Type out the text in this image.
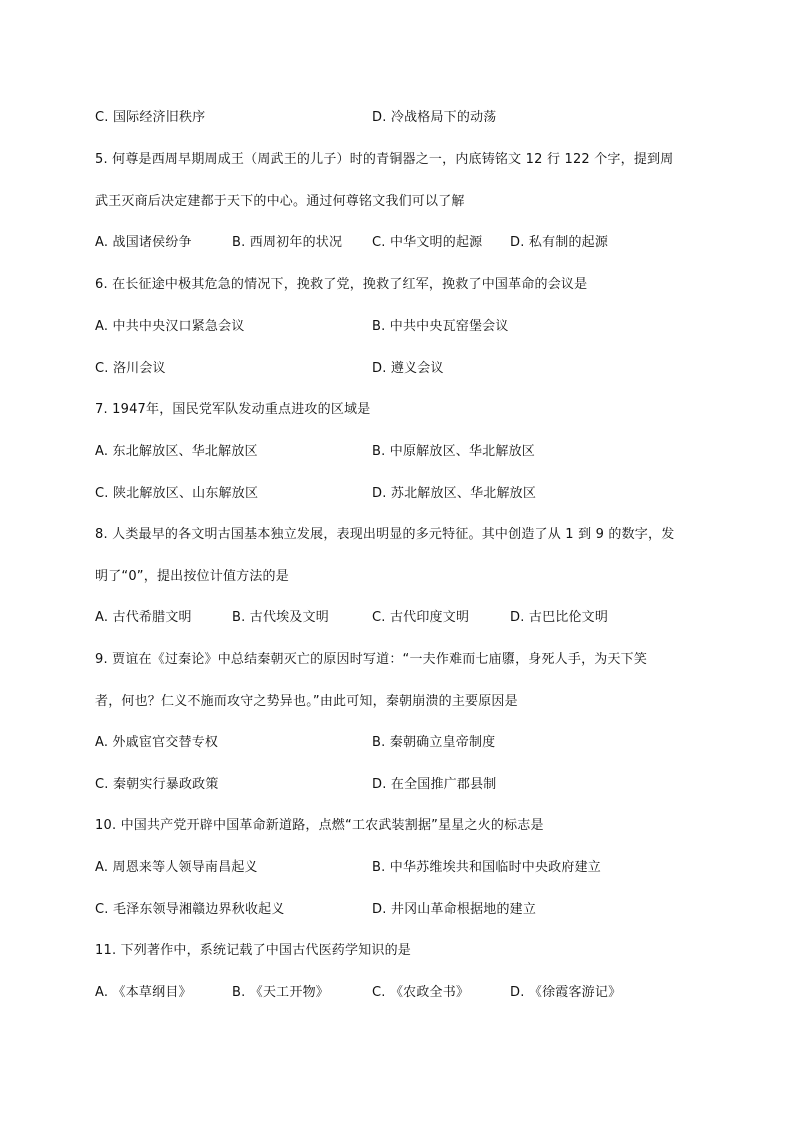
C. 国际经济旧秩序	D. 冷战格局下的动荡
5. 何尊是西周早期周成王（周武王的儿子）时的青铜器之一，内底铸铭文 12 行 122 个字，提到周
武王灭商后决定建都于天下的中心。通过何尊铭文我们可以了解
A. 战国诸侯纷争	B. 西周初年的状况 C. 中华文明的起源 D. 私有制的起源
6. 在长征途中极其危急的情况下，挽救了党，挽救了红军，挽救了中国革命的会议是
A. 中共中央汉口紧急会议	B. 中共中央瓦窑堡会议
C. 洛川会议	D. 遵义会议
7. 1947年，国民党军队发动重点进攻的区域是
A. 东北解放区、华北解放区	B. 中原解放区、华北解放区
C. 陕北解放区、山东解放区	D. 苏北解放区、华北解放区
8. 人类最早的各文明古国基本独立发展，表现出明显的多元特征。其中创造了从 1 到 9 的数字，发
明了“0”，提出按位计值方法的是
A. 古代希腊文明	B. 古代埃及文明	C. 古代印度文明	D. 古巴比伦文明
9. 贾谊在《过秦论》中总结秦朝灭亡的原因时写道：“一夫作难而七庙隳，身死人手，为天下笑
者，何也？仁义不施而攻守之势异也。”由此可知，秦朝崩溃的主要原因是
A. 外戚宦官交替专权	B. 秦朝确立皇帝制度
C. 秦朝实行暴政政策	D. 在全国推广郡县制
10. 中国共产党开辟中国革命新道路，点燃“工农武装割据”星星之火的标志是
A. 周恩来等人领导南昌起义	B. 中华苏维埃共和国临时中央政府建立
C. 毛泽东领导湘赣边界秋收起义	D. 井冈山革命根据地的建立
11. 下列著作中，系统记载了中国古代医药学知识的是
A. 《本草纲目》	B. 《天工开物》	C. 《农政全书》	D. 《徐霞客游记》
